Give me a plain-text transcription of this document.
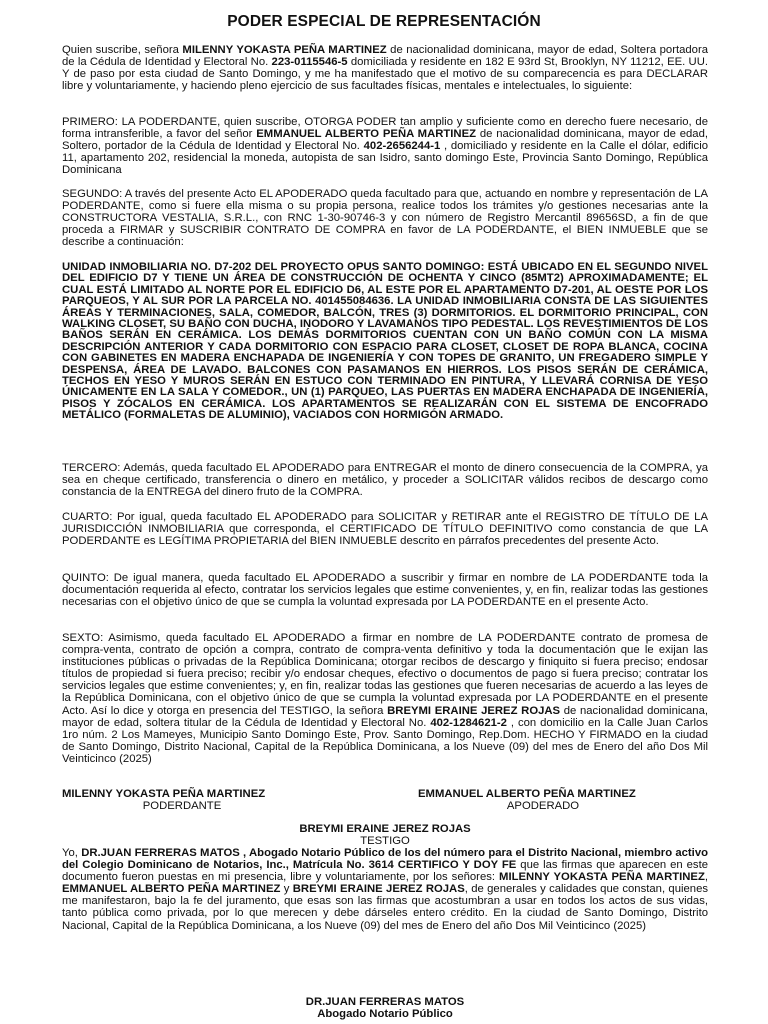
PODER ESPECIAL DE REPRESENTACIÓN

Quien suscribe, señora MILENNY YOKASTA PEÑA MARTINEZ de nacionalidad dominicana, mayor de edad, Soltera portadora de la Cédula de Identidad y Electoral No. 223-0115546-5 domiciliada y residente en 182 E 93rd St, Brooklyn, NY 11212, EE. UU. Y de paso por esta ciudad de Santo Domingo, y me ha manifestado que el motivo de su comparecencia es para DECLARAR libre y voluntariamente, y haciendo pleno ejercicio de sus facultades físicas, mentales e intelectuales, lo siguiente:

PRIMERO: LA PODERDANTE, quien suscribe, OTORGA PODER tan amplio y suficiente como en derecho fuere necesario, de forma intransferible, a favor del señor EMMANUEL ALBERTO PEÑA MARTINEZ de nacionalidad dominicana, mayor de edad, Soltero, portador de la Cédula de Identidad y Electoral No. 402-2656244-1 , domiciliado y residente en la Calle el dólar, edificio 11, apartamento 202, residencial la moneda, autopista de san Isidro, santo domingo Este, Provincia Santo Domingo, República Dominicana

SEGUNDO: A través del presente Acto EL APODERADO queda facultado para que, actuando en nombre y representación de LA PODERDANTE, como si fuere ella misma o su propia persona, realice todos los trámites y/o gestiones necesarias ante la CONSTRUCTORA VESTALIA, S.R.L., con RNC 1-30-90746-3 y con número de Registro Mercantil 89656SD, a fin de que proceda a FIRMAR y SUSCRIBIR CONTRATO DE COMPRA en favor de LA PODERDANTE, el BIEN INMUEBLE que se describe a continuación:

UNIDAD INMOBILIARIA NO. D7-202 DEL PROYECTO OPUS SANTO DOMINGO: ESTÁ UBICADO EN EL SEGUNDO NIVEL DEL EDIFICIO D7 Y TIENE UN ÁREA DE CONSTRUCCIÓN DE OCHENTA Y CINCO (85MT2) APROXIMADAMENTE; EL CUAL ESTÁ LIMITADO AL NORTE POR EL EDIFICIO D6, AL ESTE POR EL APARTAMENTO D7-201, AL OESTE POR LOS PARQUEOS, Y AL SUR POR LA PARCELA NO. 401455084636. LA UNIDAD INMOBILIARIA CONSTA DE LAS SIGUIENTES ÁREAS Y TERMINACIONES, SALA, COMEDOR, BALCÓN, TRES (3) DORMITORIOS. EL DORMITORIO PRINCIPAL, CON WALKING CLOSET, SU BAÑO CON DUCHA, INODORO Y LAVAMANOS TIPO PEDESTAL. LOS REVESTIMIENTOS DE LOS BAÑOS SERÁN EN CERÁMICA. LOS DEMÁS DORMITORIOS CUENTAN CON UN BAÑO COMÚN CON LA MISMA DESCRIPCIÓN ANTERIOR Y CADA DORMITORIO CON ESPACIO PARA CLOSET, CLOSET DE ROPA BLANCA, COCINA CON GABINETES EN MADERA ENCHAPADA DE INGENIERÍA Y CON TOPES DE GRANITO, UN FREGADERO SIMPLE Y DESPENSA, ÁREA DE LAVADO. BALCONES CON PASAMANOS EN HIERROS. LOS PISOS SERÁN DE CERÁMICA, TECHOS EN YESO Y MUROS SERÁN EN ESTUCO CON TERMINADO EN PINTURA, Y LLEVARÁ CORNISA DE YESO ÚNICAMENTE EN LA SALA Y COMEDOR., UN (1) PARQUEO, LAS PUERTAS EN MADERA ENCHAPADA DE INGENIERÍA, PISOS Y ZÓCALOS EN CERÁMICA. LOS APARTAMENTOS SE REALIZARÁN CON EL SISTEMA DE ENCOFRADO METÁLICO (FORMALETAS DE ALUMINIO), VACIADOS CON HORMIGÓN ARMADO.

TERCERO: Además, queda facultado EL APODERADO para ENTREGAR el monto de dinero consecuencia de la COMPRA, ya sea en cheque certificado, transferencia o dinero en metálico, y proceder a SOLICITAR válidos recibos de descargo como constancia de la ENTREGA del dinero fruto de la COMPRA.

CUARTO: Por igual, queda facultado EL APODERADO para SOLICITAR y RETIRAR ante el REGISTRO DE TÍTULO DE LA JURISDICCIÓN INMOBILIARIA que corresponda, el CERTIFICADO DE TÍTULO DEFINITIVO como constancia de que LA PODERDANTE es LEGÍTIMA PROPIETARIA del BIEN INMUEBLE descrito en párrafos precedentes del presente Acto.

QUINTO: De igual manera, queda facultado EL APODERADO a suscribir y firmar en nombre de LA PODERDANTE toda la documentación requerida al efecto, contratar los servicios legales que estime convenientes, y, en fin, realizar todas las gestiones necesarias con el objetivo único de que se cumpla la voluntad expresada por LA PODERDANTE en el presente Acto.

SEXTO: Asimismo, queda facultado EL APODERADO a firmar en nombre de LA PODERDANTE contrato de promesa de compra-venta, contrato de opción a compra, contrato de compra-venta definitivo y toda la documentación que le exijan las instituciones públicas o privadas de la República Dominicana; otorgar recibos de descargo y finiquito si fuera preciso; endosar títulos de propiedad si fuera preciso; recibir y/o endosar cheques, efectivo o documentos de pago si fuera preciso; contratar los servicios legales que estime convenientes; y, en fin, realizar todas las gestiones que fueren necesarias de acuerdo a las leyes de la República Dominicana, con el objetivo único de que se cumpla la voluntad expresada por LA PODERDANTE en el presente Acto. Así lo dice y otorga en presencia del TESTIGO, la señora BREYMI ERAINE JEREZ ROJAS de nacionalidad dominicana, mayor de edad, soltera titular de la Cédula de Identidad y Electoral No. 402-1284621-2 , con domicilio en la Calle Juan Carlos 1ro núm. 2 Los Mameyes, Municipio Santo Domingo Este, Prov. Santo Domingo, Rep.Dom. HECHO Y FIRMADO en la ciudad de Santo Domingo, Distrito Nacional, Capital de la República Dominicana, a los Nueve (09) del mes de Enero del año Dos Mil Veinticinco (2025)

MILENNY YOKASTA PEÑA MARTINEZ
PODERDANTE
EMMANUEL ALBERTO PEÑA MARTINEZ
APODERADO
BREYMI ERAINE JEREZ ROJAS
TESTIGO

Yo, DR.JUAN FERRERAS MATOS , Abogado Notario Público de los del número para el Distrito Nacional, miembro activo del Colegio Dominicano de Notarios, Inc., Matrícula No. 3614 CERTIFICO Y DOY FE que las firmas que aparecen en este documento fueron puestas en mi presencia, libre y voluntariamente, por los señores: MILENNY YOKASTA PEÑA MARTINEZ, EMMANUEL ALBERTO PEÑA MARTINEZ y BREYMI ERAINE JEREZ ROJAS, de generales y calidades que constan, quienes me manifestaron, bajo la fe del juramento, que esas son las firmas que acostumbran a usar en todos los actos de sus vidas, tanto pública como privada, por lo que merecen y debe dárseles entero crédito. En la ciudad de Santo Domingo, Distrito Nacional, Capital de la República Dominicana, a los Nueve (09) del mes de Enero del año Dos Mil Veinticinco (2025)

DR.JUAN FERRERAS MATOS
Abogado Notario Público
